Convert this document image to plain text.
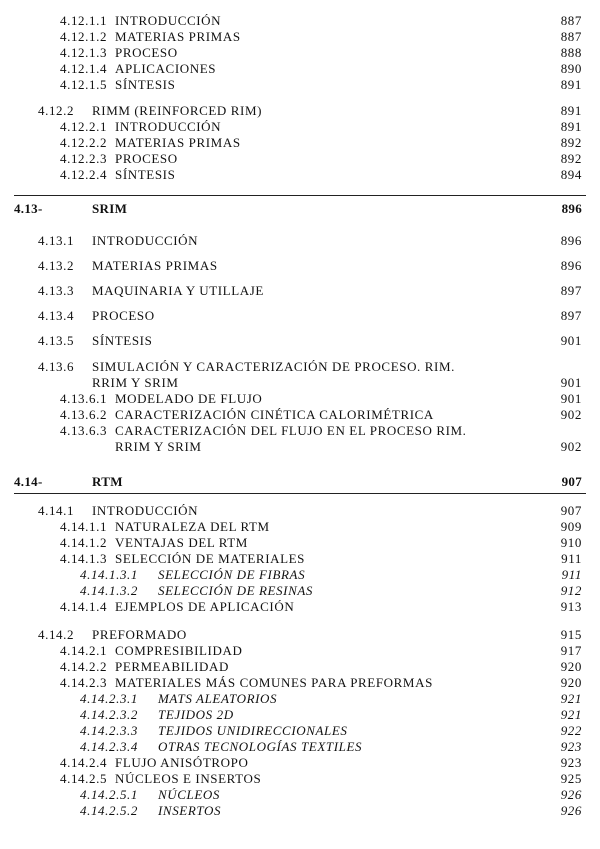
4.12.1.1 INTRODUCCIÓN	887
4.12.1.2 MATERIAS PRIMAS	887
4.12.1.3 PROCESO	888
4.12.1.4 APLICACIONES	890
4.12.1.5 SÍNTESIS	891
4.12.2 RIMM (REINFORCED RIM)	891
4.12.2.1 INTRODUCCIÓN	891
4.12.2.2 MATERIAS PRIMAS	892
4.12.2.3 PROCESO	892
4.12.2.4 SÍNTESIS	894
4.13-	SRIM	896
4.13.1 INTRODUCCIÓN	896
4.13.2 MATERIAS PRIMAS	896
4.13.3 MAQUINARIA Y UTILLAJE	897
4.13.4 PROCESO	897
4.13.5 SÍNTESIS	901
4.13.6 SIMULACIÓN Y CARACTERIZACIÓN DE PROCESO. RIM.
RRIM Y SRIM	901
4.13.6.1 MODELADO DE FLUJO	901
4.13.6.2 CARACTERIZACIÓN CINÉTICA CALORIMÉTRICA	902
4.13.6.3 CARACTERIZACIÓN DEL FLUJO EN EL PROCESO RIM.
RRIM Y SRIM	902
4.14-	RTM	907
4.14.1 INTRODUCCIÓN	907
4.14.1.1 NATURALEZA DEL RTM	909
4.14.1.2 VENTAJAS DEL RTM	910
4.14.1.3 SELECCIÓN DE MATERIALES	911
4.14.1.3.1 SELECCIÓN DE FIBRAS	911
4.14.1.3.2 SELECCIÓN DE RESINAS	912
4.14.1.4 EJEMPLOS DE APLICACIÓN	913
4.14.2 PREFORMADO	915
4.14.2.1 COMPRESIBILIDAD	917
4.14.2.2 PERMEABILIDAD	920
4.14.2.3 MATERIALES MÁS COMUNES PARA PREFORMAS	920
4.14.2.3.1 MATS ALEATORIOS	921
4.14.2.3.2 TEJIDOS 2D	921
4.14.2.3.3 TEJIDOS UNIDIRECCIONALES	922
4.14.2.3.4 OTRAS TECNOLOGÍAS TEXTILES	923
4.14.2.4 FLUJO ANISÓTROPO	923
4.14.2.5 NÚCLEOS E INSERTOS	925
4.14.2.5.1 NÚCLEOS	926
4.14.2.5.2 INSERTOS	926
